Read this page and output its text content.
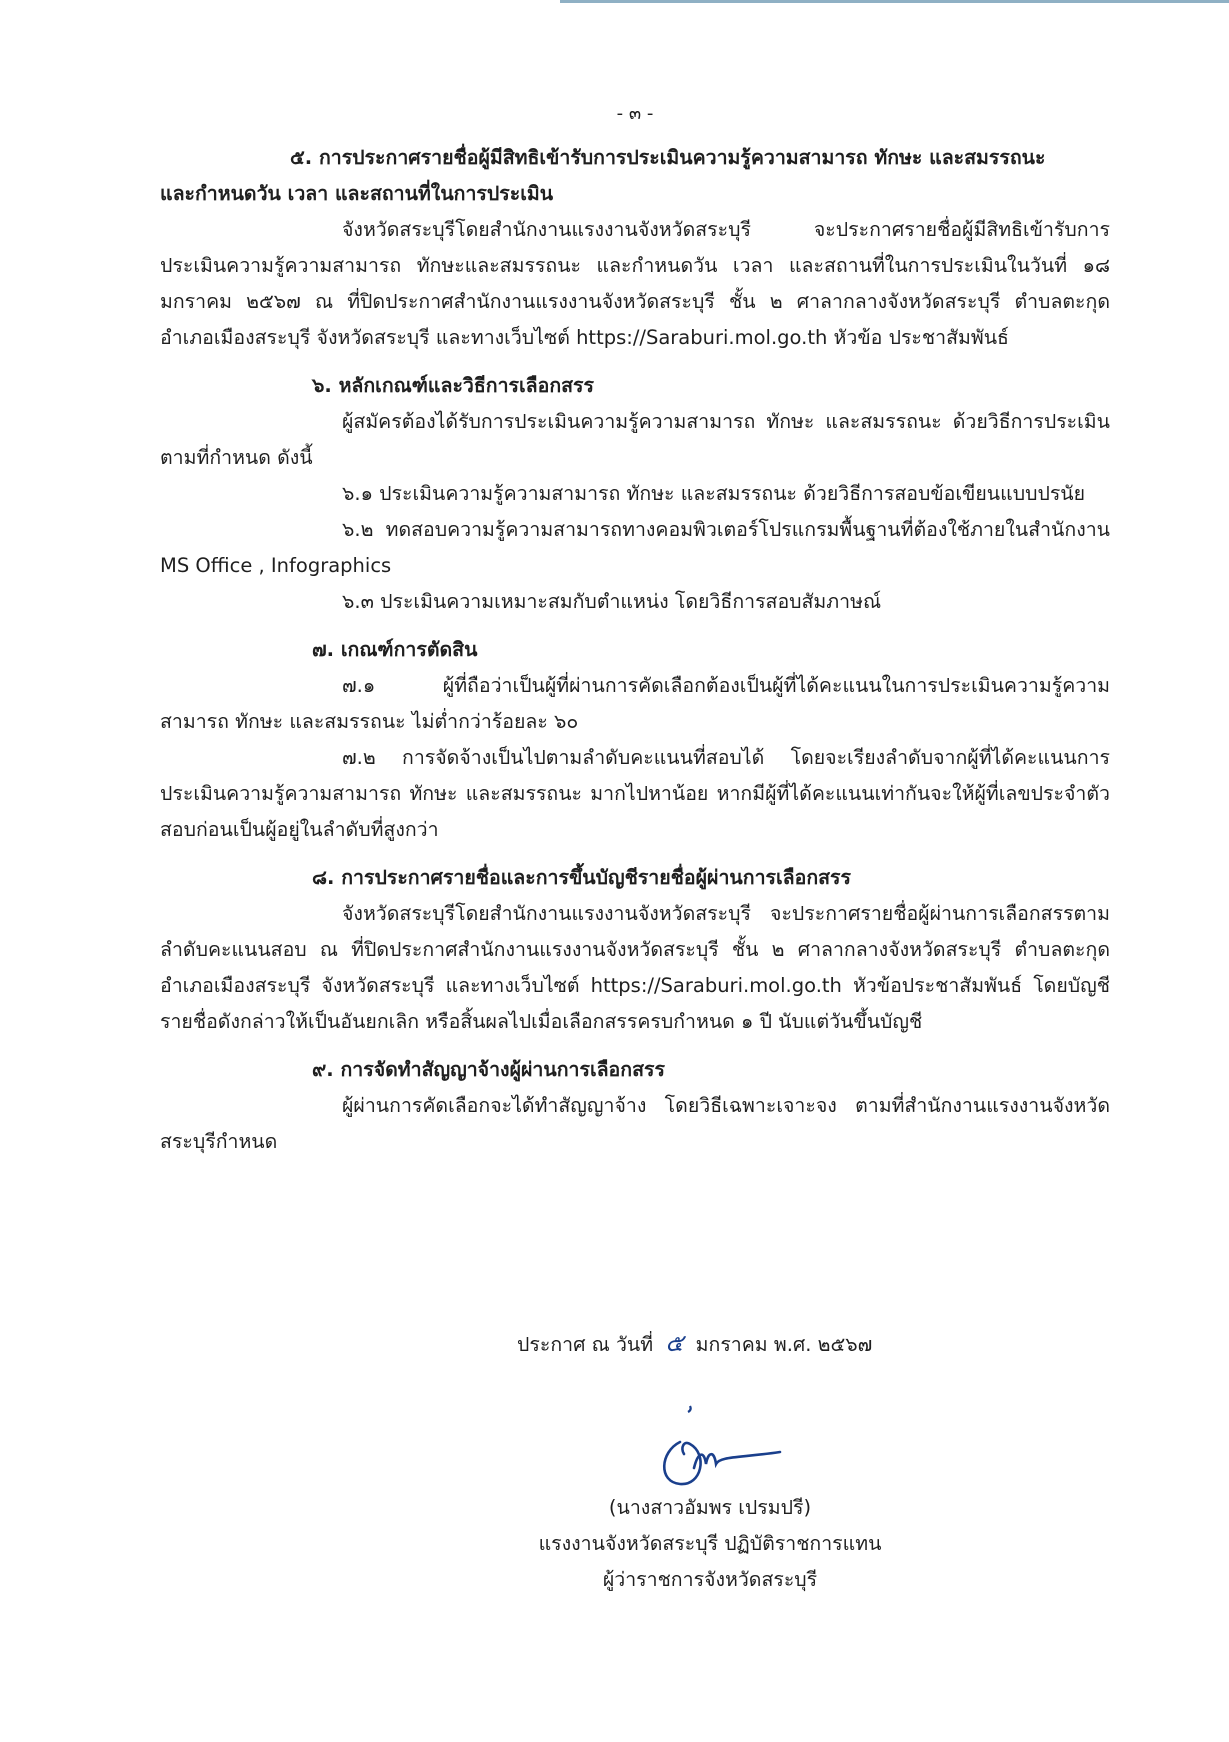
- ๓ -

๕. การประกาศรายชื่อผู้มีสิทธิเข้ารับการประเมินความรู้ความสามารถ ทักษะ และสมรรถนะ

และกำหนดวัน เวลา และสถานที่ในการประเมิน

จังหวัดสระบุรีโดยสำนักงานแรงงานจังหวัดสระบุรี จะประกาศรายชื่อผู้มีสิทธิเข้ารับการประเมินความรู้ความสามารถ ทักษะและสมรรถนะ และกำหนดวัน เวลา และสถานที่ในการประเมินในวันที่ ๑๘ มกราคม ๒๕๖๗ ณ ที่ปิดประกาศสำนักงานแรงงานจังหวัดสระบุรี ชั้น ๒ ศาลากลางจังหวัดสระบุรี ตำบลตะกุด อำเภอเมืองสระบุรี จังหวัดสระบุรี และทางเว็บไซต์ https://Saraburi.mol.go.th หัวข้อ ประชาสัมพันธ์

๖. หลักเกณฑ์และวิธีการเลือกสรร

ผู้สมัครต้องได้รับการประเมินความรู้ความสามารถ ทักษะ และสมรรถนะ ด้วยวิธีการประเมินตามที่กำหนด ดังนี้

๖.๑ ประเมินความรู้ความสามารถ ทักษะ และสมรรถนะ ด้วยวิธีการสอบข้อเขียนแบบปรนัย

๖.๒ ทดสอบความรู้ความสามารถทางคอมพิวเตอร์โปรแกรมพื้นฐานที่ต้องใช้ภายในสำนักงาน MS Office , Infographics

๖.๓ ประเมินความเหมาะสมกับตำแหน่ง โดยวิธีการสอบสัมภาษณ์

๗. เกณฑ์การตัดสิน

๗.๑ ผู้ที่ถือว่าเป็นผู้ที่ผ่านการคัดเลือกต้องเป็นผู้ที่ได้คะแนนในการประเมินความรู้ความสามารถ ทักษะ และสมรรถนะ ไม่ต่ำกว่าร้อยละ ๖๐

๗.๒ การจัดจ้างเป็นไปตามลำดับคะแนนที่สอบได้ โดยจะเรียงลำดับจากผู้ที่ได้คะแนนการประเมินความรู้ความสามารถ ทักษะ และสมรรถนะ มากไปหาน้อย หากมีผู้ที่ได้คะแนนเท่ากันจะให้ผู้ที่เลขประจำตัวสอบก่อนเป็นผู้อยู่ในลำดับที่สูงกว่า

๘. การประกาศรายชื่อและการขึ้นบัญชีรายชื่อผู้ผ่านการเลือกสรร

จังหวัดสระบุรีโดยสำนักงานแรงงานจังหวัดสระบุรี จะประกาศรายชื่อผู้ผ่านการเลือกสรรตามลำดับคะแนนสอบ ณ ที่ปิดประกาศสำนักงานแรงงานจังหวัดสระบุรี ชั้น ๒ ศาลากลางจังหวัดสระบุรี ตำบลตะกุด อำเภอเมืองสระบุรี จังหวัดสระบุรี และทางเว็บไซต์ https://Saraburi.mol.go.th หัวข้อประชาสัมพันธ์ โดยบัญชีรายชื่อดังกล่าวให้เป็นอันยกเลิก หรือสิ้นผลไปเมื่อเลือกสรรครบกำหนด ๑ ปี นับแต่วันขึ้นบัญชี

๙. การจัดทำสัญญาจ้างผู้ผ่านการเลือกสรร

ผู้ผ่านการคัดเลือกจะได้ทำสัญญาจ้าง โดยวิธีเฉพาะเจาะจง ตามที่สำนักงานแรงงานจังหวัดสระบุรีกำหนด

ประกาศ ณ วันที่ ๕ มกราคม พ.ศ. ๒๕๖๗
(นางสาวอัมพร เปรมปรี)
แรงงานจังหวัดสระบุรี ปฏิบัติราชการแทน
ผู้ว่าราชการจังหวัดสระบุรี
